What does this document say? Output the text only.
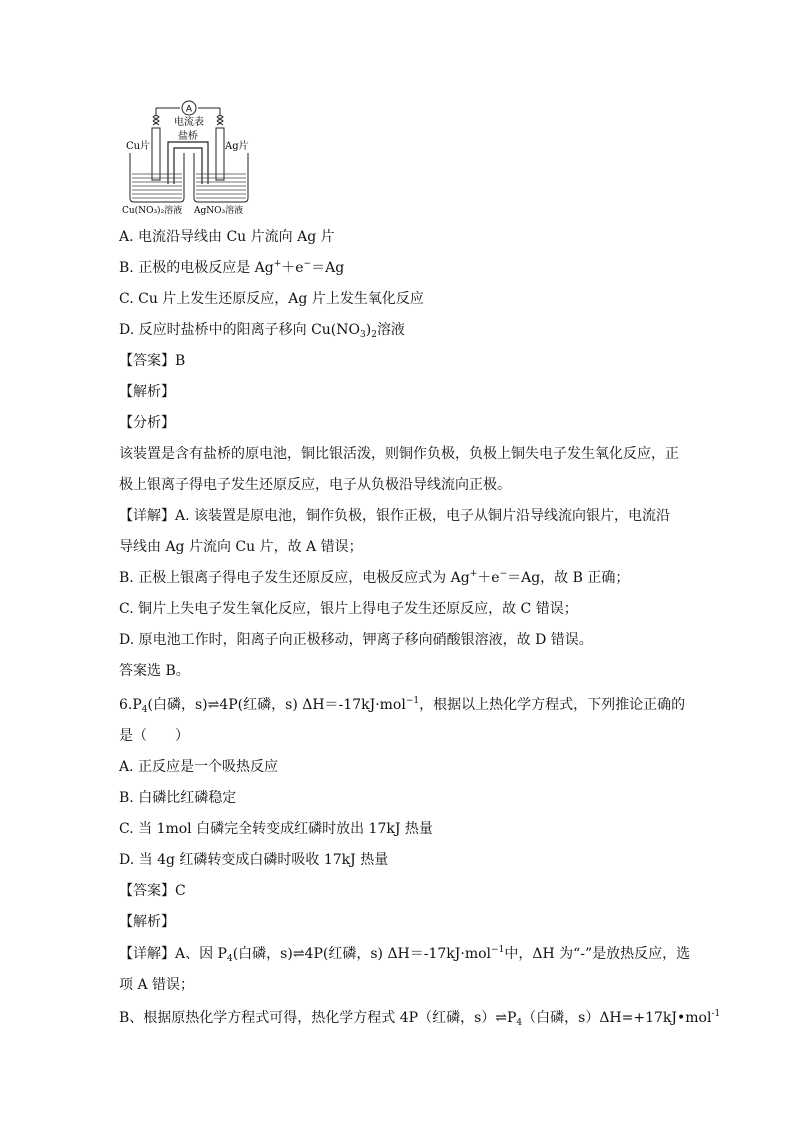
A
电流表
Cu片
盐桥
Ag片
Cu(NO₃)₂溶液 AgNO₃溶液
A. 电流沿导线由 Cu 片流向 Ag 片
B. 正极的电极反应是 Ag+＋e−＝Ag
C. Cu 片上发生还原反应，Ag 片上发生氧化反应
D. 反应时盐桥中的阳离子移向 $Cu(NO_3)_2$溶液
【答案】B
【解析】
【分析】
该装置是含有盐桥的原电池，铜比银活泼，则铜作负极，负极上铜失电子发生氧化反应，正
极上银离子得电子发生还原反应，电子从负极沿导线流向正极。
【详解】A. 该装置是原电池，铜作负极，银作正极，电子从铜片沿导线流向银片，电流沿
导线由 Ag 片流向 Cu 片，故 A 错误；
B. 正极上银离子得电子发生还原反应，电极反应式为 Ag+＋e−＝Ag，故 B 正确；
C. 铜片上失电子发生氧化反应，银片上得电子发生还原反应，故 C 错误；
D. 原电池工作时，阳离子向正极移动，钾离子移向硝酸银溶液，故 D 错误。
答案选 B。
$6.P_4$(白磷，s)⇌4P(红磷，s) ΔH＝-17kJ·mol$^{-1}$，根据以上热化学方程式，下列推论正确的
是（　　）
A. 正反应是一个吸热反应
B. 白磷比红磷稳定
C. 当 1mol 白磷完全转变成红磷时放出 17kJ 热量
D. 当 4g 红磷转变成白磷时吸收 17kJ 热量
【答案】C
【解析】
【详解】A、因 $P_4$(白磷，s)⇌4P(红磷，s) ΔH＝-17kJ·mol$^{-1}$中，ΔH 为“-”是放热反应，选
项 A 错误；
B、根据原热化学方程式可得，热化学方程式 4P（红磷，$s)\rightleftharpoons P_4$（白磷，s）ΔH=+17kJ•mol$^{-1}$
